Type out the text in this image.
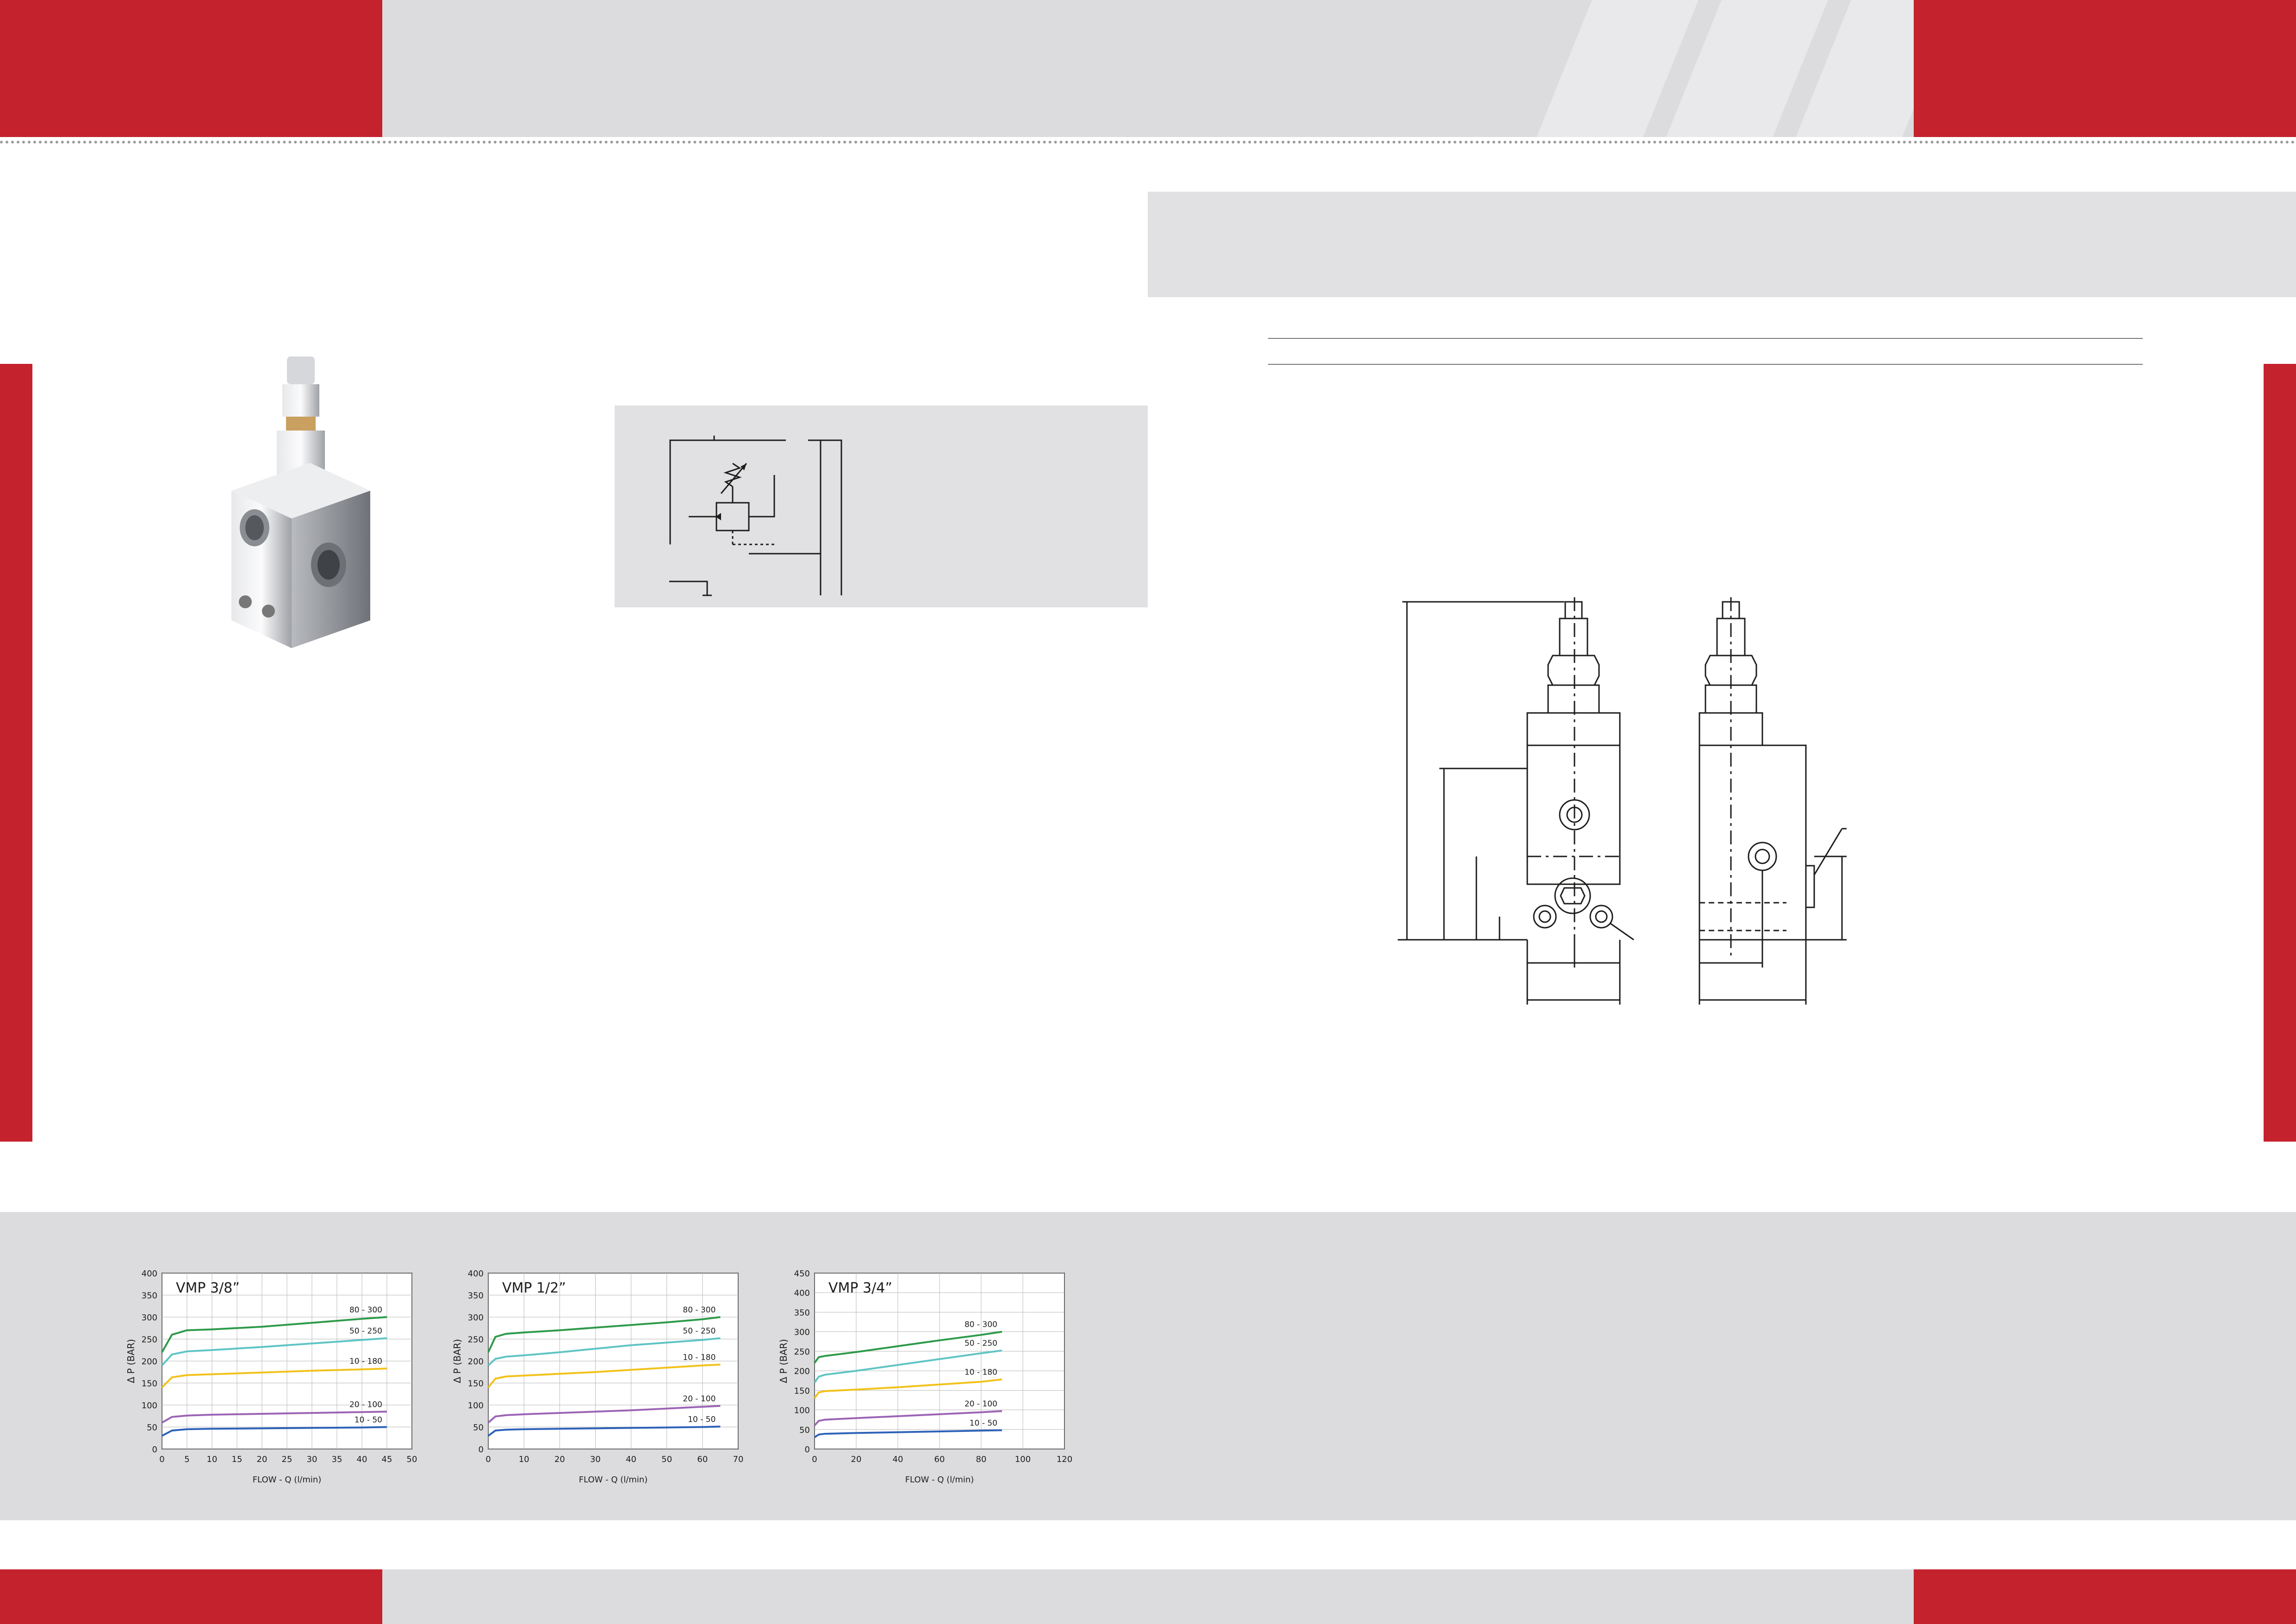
0
50
100
150
200
250
300
350
400
0 5 10 15 20 25 30 35 40 45 50
VMP 3/8”
FLOW - Q (l/min)
Δ P (BAR)
80 - 300
50 - 250
10 - 180
20 - 100
10 - 50
0
50
100
150
200
250
300
350
400
0	10	20	30	40	50	60	70
VMP 1/2”
FLOW - Q (l/min)
Δ P (BAR)
80 - 300
50 - 250
10 - 180
20 - 100
10 - 50
0
50
100
150
200
250
300
350
400
450
0	20	40	60	80	100	120
VMP 3/4”
FLOW - Q (l/min)
Δ P (BAR)
80 - 300
50 - 250
10 - 180
20 - 100
10 - 50
